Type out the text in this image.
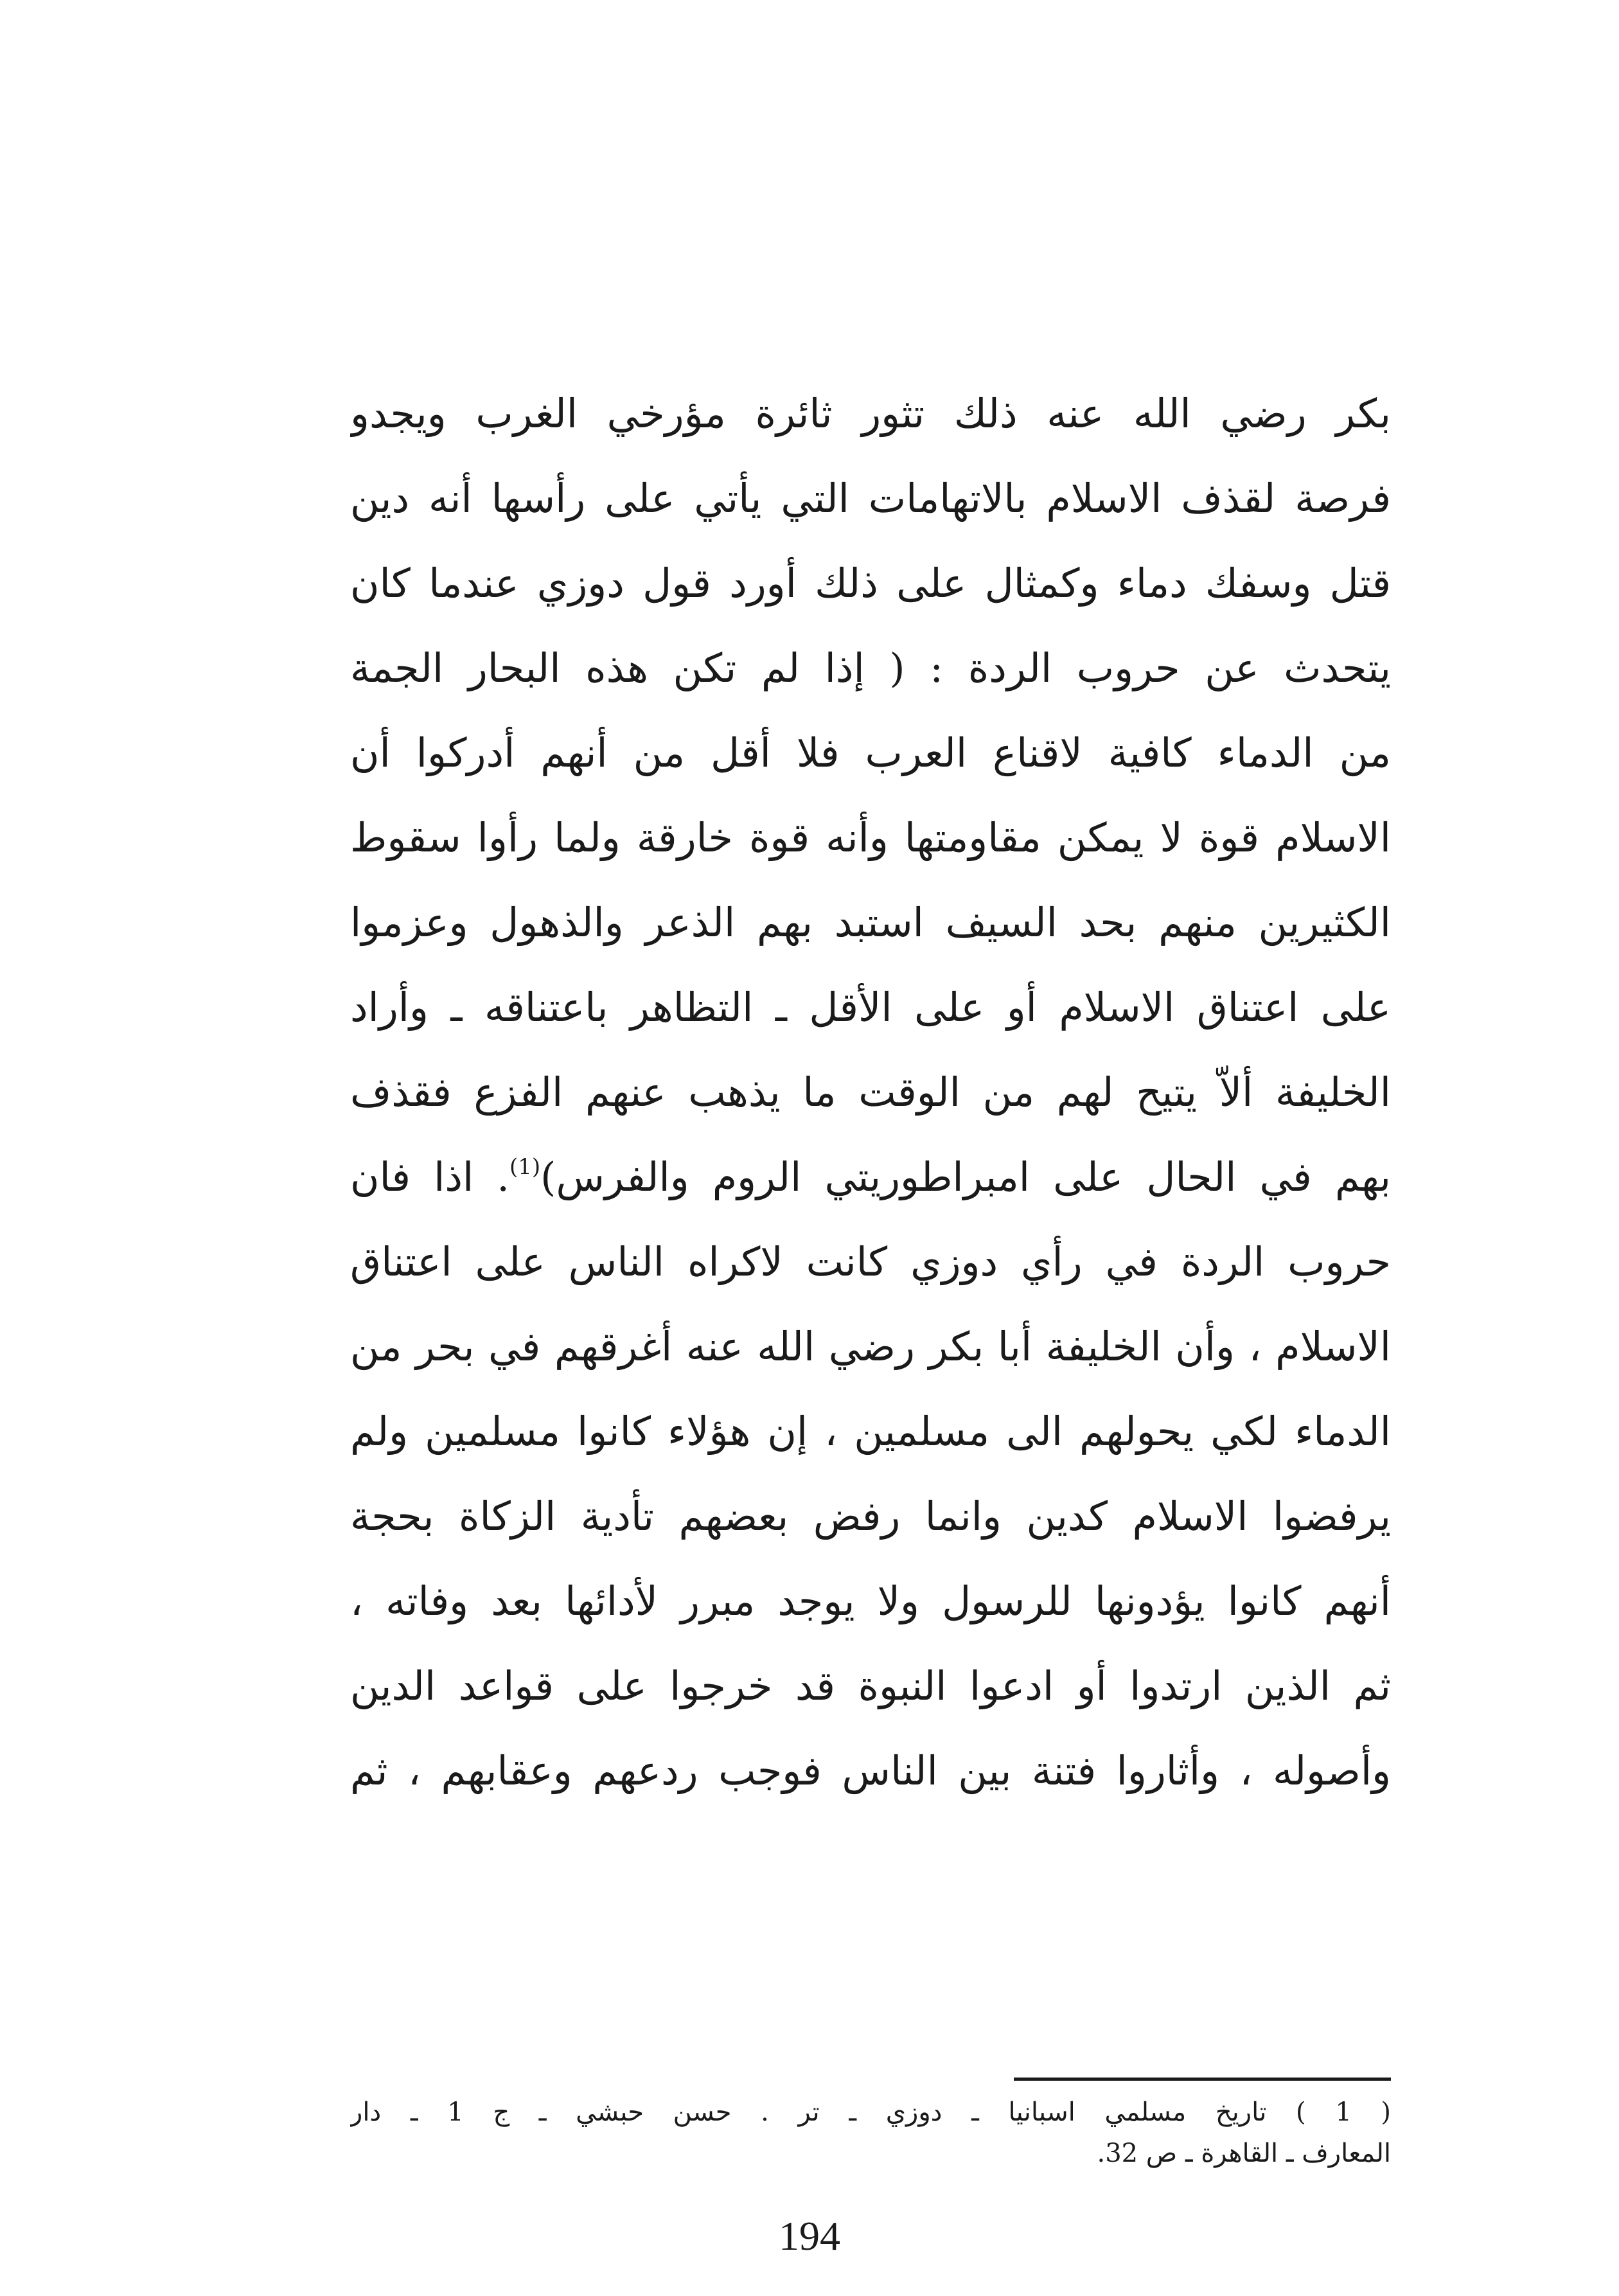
بكر رضي الله عنه ذلك تثور ثائرة مؤرخي الغرب ويجدو
فرصة لقذف الاسلام بالاتهامات التي يأتي على رأسها أنه دين
قتل وسفك دماء وكمثال على ذلك أورد قول دوزي عندما كان
يتحدث عن حروب الردة : ( إذا لم تكن هذه البحار الجمة
من الدماء كافية لاقناع العرب فلا أقل من أنهم أدركوا أن
الاسلام قوة لا يمكن مقاومتها وأنه قوة خارقة ولما رأوا سقوط
الكثيرين منهم بحد السيف استبد بهم الذعر والذهول وعزموا
على اعتناق الاسلام أو على الأقل ـ التظاهر باعتناقه ـ وأراد
الخليفة ألاّ يتيح لهم من الوقت ما يذهب عنهم الفزع فقذف
بهم في الحال على امبراطوريتي الروم والفرس)$^{(1)}$. اذا فان
حروب الردة في رأي دوزي كانت لاكراه الناس على اعتناق
الاسلام ، وأن الخليفة أبا بكر رضي الله عنه أغرقهم في بحر من
الدماء لكي يحولهم الى مسلمين ، إن هؤلاء كانوا مسلمين ولم
يرفضوا الاسلام كدين وانما رفض بعضهم تأدية الزكاة بحجة
أنهم كانوا يؤدونها للرسول ولا يوجد مبرر لأدائها بعد وفاته ،
ثم الذين ارتدوا أو ادعوا النبوة قد خرجوا على قواعد الدين
وأصوله ، وأثاروا فتنة بين الناس فوجب ردعهم وعقابهم ، ثم
( 1 ) تاريخ مسلمي اسبانيا ـ دوزي ـ تر . حسن حبشي ـ ج 1 ـ دار
المعارف ـ القاهرة ـ ص 32.
194
